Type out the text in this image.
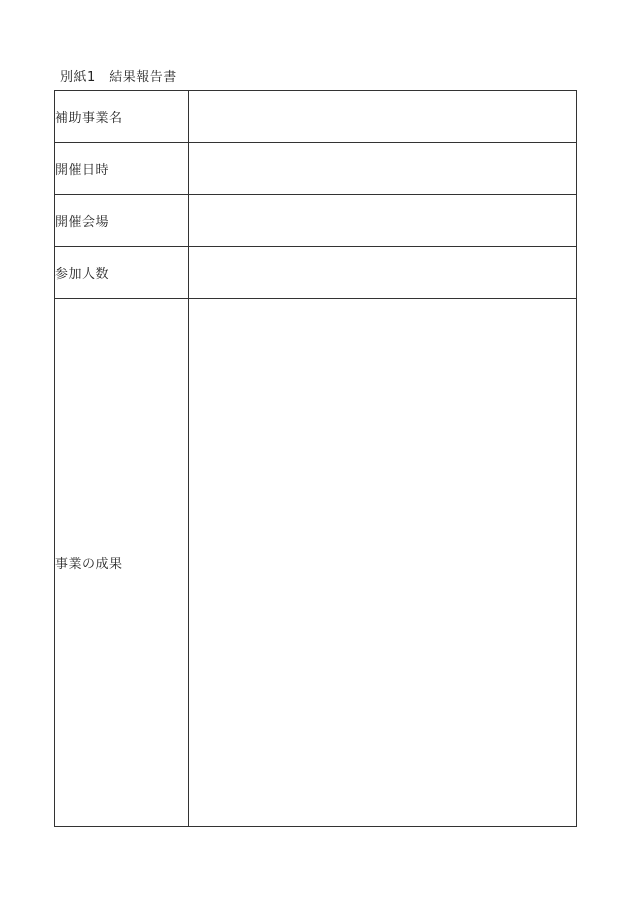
別紙1　結果報告書
補助事業名	
開催日時	
開催会場	
参加人数	
事業の成果	
